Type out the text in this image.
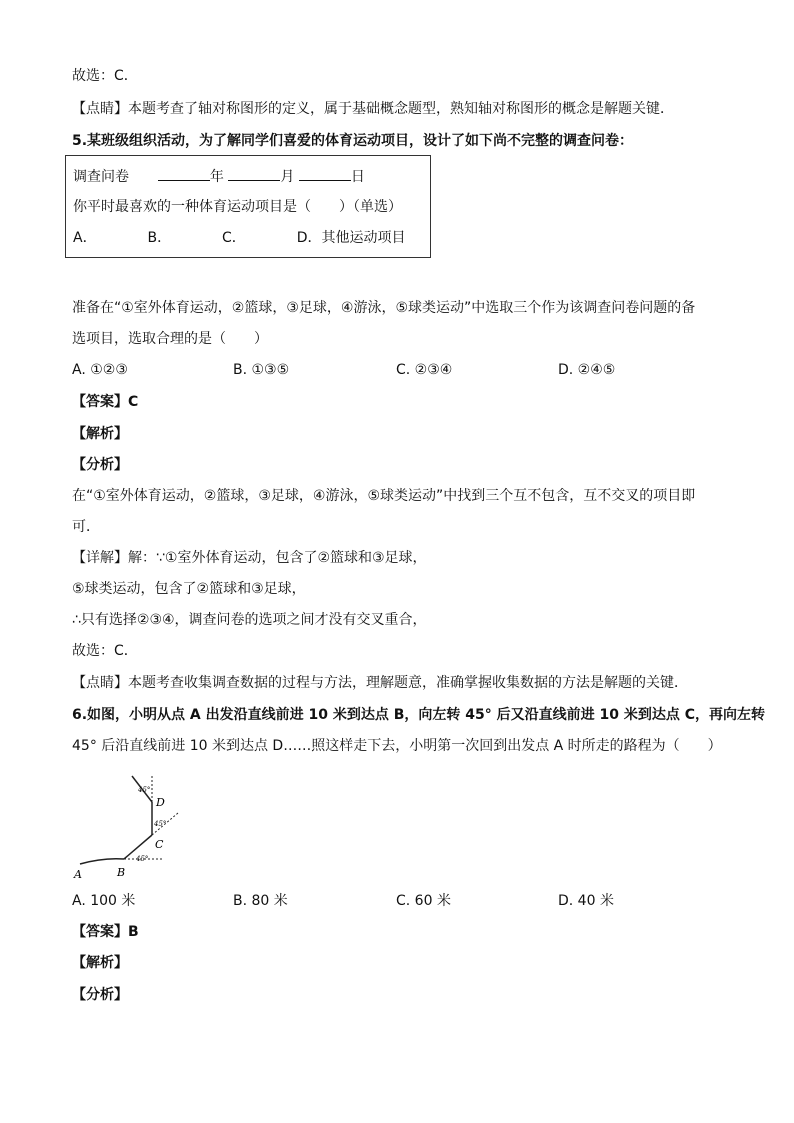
故选：C．
【点睛】本题考查了轴对称图形的定义，属于基础概念题型，熟知轴对称图形的概念是解题关键．
5.某班级组织活动，为了解同学们喜爱的体育运动项目，设计了如下尚不完整的调查问卷：
调查问卷	年	月	日
你平时最喜欢的一种体育运动项目是（　　）（单选）
A．	B．	C．	D．其他运动项目
准备在“①室外体育运动，②篮球，③足球，④游泳，⑤球类运动”中选取三个作为该调查问卷问题的备
选项目，选取合理的是（　　）
A. ①②③	B. ①③⑤	C. ②③④	D. ②④⑤
【答案】C
【解析】
【分析】
在“①室外体育运动，②篮球，③足球，④游泳，⑤球类运动”中找到三个互不包含，互不交叉的项目即
可．
【详解】解：∵①室外体育运动，包含了②篮球和③足球，
⑤球类运动，包含了②篮球和③足球，
∴只有选择②③④，调查问卷的选项之间才没有交叉重合，
故选：C．
【点睛】本题考查收集调查数据的过程与方法，理解题意，准确掌握收集数据的方法是解题的关键．
6.如图，小明从点 A 出发沿直线前进 10 米到达点 B，向左转 45° 后又沿直线前进 10 米到达点 C，再向左转
45° 后沿直线前进 10 米到达点 D……照这样走下去，小明第一次回到出发点 A 时所走的路程为（　　）
45°
45°
45°
A	B
C
D
A. 100 米	B. 80 米	C. 60 米	D. 40 米
【答案】B
【解析】
【分析】
